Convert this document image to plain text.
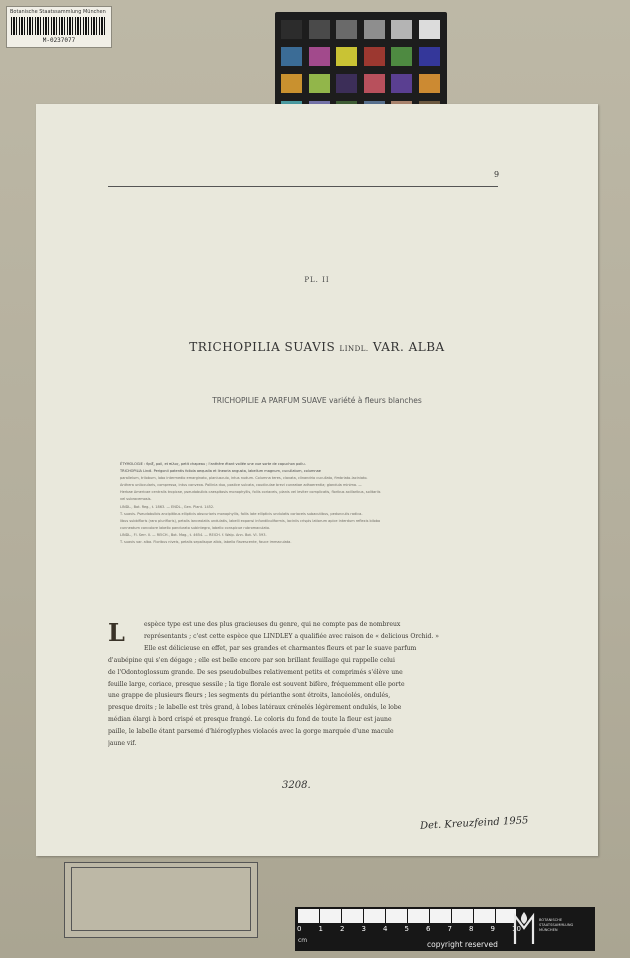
Botanische Staatssammlung München
M-0237077
9
PL. II
TRICHOPILIA SUAVIS LINDL. VAR. ALBA
TRICHOPILIE A PARFUM SUAVE variété à fleurs blanches
ÉTYMOLOGIE : θρίξ, poil, et πίλος, petit chapeau ; l'anthère étant voilée une vue sorte de capuchon poilu.
TRICHOPILIA Lindl. Perigonii patentis foliola aequalia et linearia angusta, labellum magnum, cucullatum, columnae
parallelum, trilobum, lobo intermedio emarginato, planiusculo, intus nudum. Columna teres, clavata, clinandrio cucullato, fimbriato-laciniato.
Anthera unilocularis, compressa, intus convexa. Pollinia duo, postice sulcata, caudiculae brevi cuneatae adhaerentia; glandula minima. —
Herbae Americae centralis tropicae, pseudobulbis caespitosis monophyllis, foliis coriaceis, planis vel leviter complicatis, floribus axillaribus, solitariis
vel subracemosis.
LINDL., Bot. Reg., t. 1863. — ENDL., Gen. Plant. 1452.
T. suavis. Pseudobulbis ancipitibus ellipticis obscurioris monophyllis, foliis late ellipticis undulatis coriaceis subacutibus, pedunculis radica-
libus subbifloris (raro plurifloris), petalis lanceolatis undulatis, labelli expansi infundibuliformis, laciniis crispis latiorum apice interdum reflexis bilobo
cunneatum concolore labello pandurato subintegro, labello conspicue rubromaculato.
LINDL., Fl. Serr. II. — REICH., Bot. Mag., t. 4654. — REICH. f. Walp. Ann. Bot. VI. 593.
T. suavis var. alba. Floribus niveis, petalis sepalisque albis, labello flavescente, fauce immaculata.
L	espèce type est une des plus gracieuses du genre, qui ne compte pas de nombreux
représentants ; c'est cette espèce que LINDLEY a qualifiée avec raison de « delicious Orchid. »
Elle est délicieuse en effet, par ses grandes et charmantes fleurs et par le suave parfum
d'aubépine qui s'en dégage ; elle est belle encore par son brillant feuillage qui rappelle celui
de l'Odontoglossum grande. De ses pseudobulbes relativement petits et comprimés s'élève une
feuille large, coriace, presque sessile ; la tige florale est souvent bifère, fréquemment elle porte
une grappe de plusieurs fleurs ; les segments du périanthe sont étroits, lancéolés, ondulés,
presque droits ; le labelle est très grand, à lobes latéraux crénelés légèrement ondulés, le lobe
médian élargi à bord crispé et presque frangé. Le coloris du fond de toute la fleur est jaune
paille, le labelle étant parsemé d'hiéroglyphes violacés avec la gorge marquée d'une macule
jaune vif.
3208.
Det. Kreuzfeind 1955
0 1 2 3 4 5 6 7 8 9 10
cm	copyright reserved
BOTANISCHE STAATSSAMMLUNG MÜNCHEN
